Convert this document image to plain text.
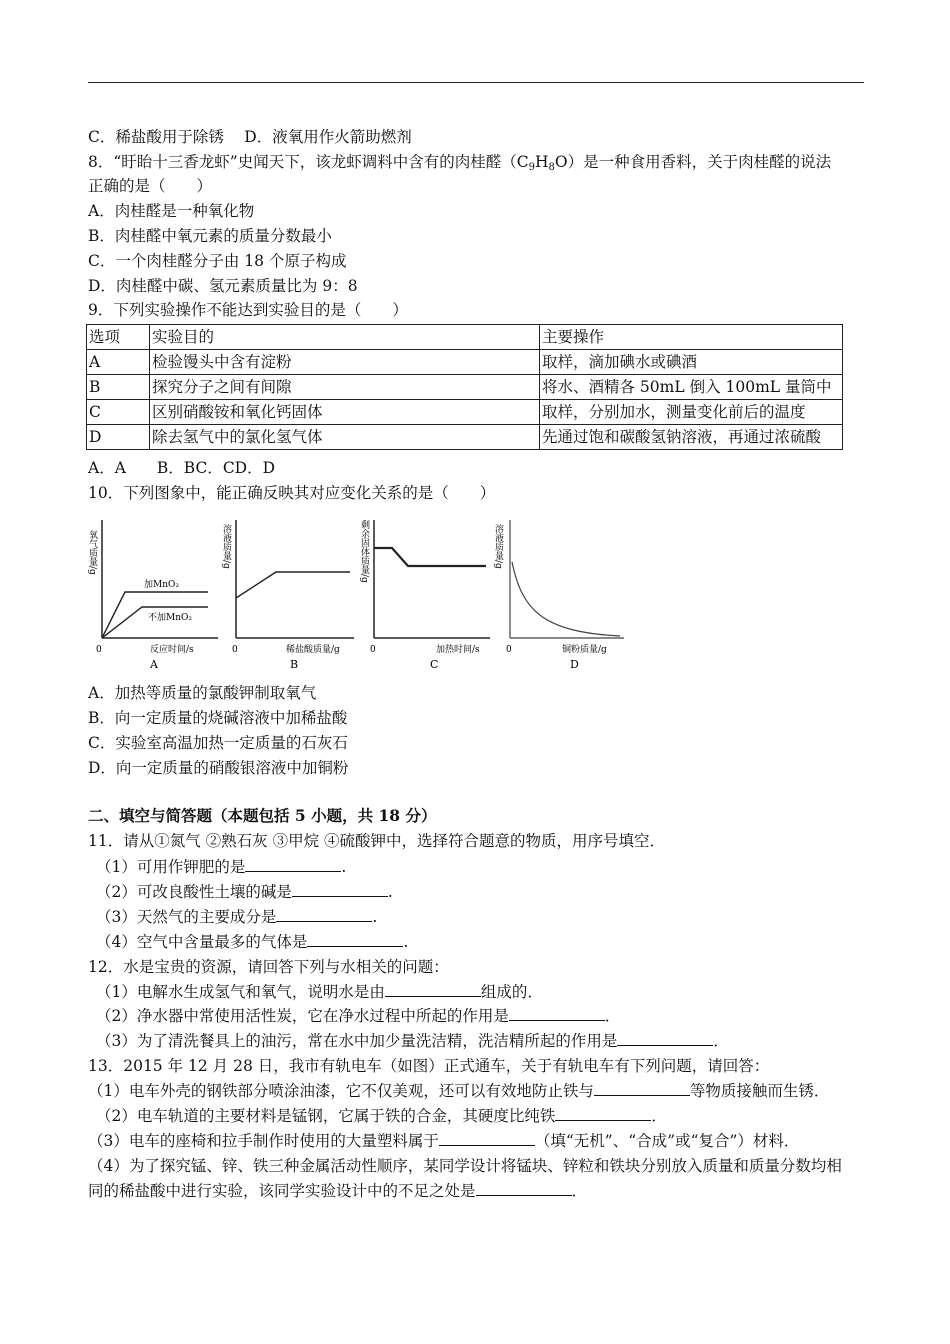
C．稀盐酸用于除锈　 D．液氧用作火箭助燃剂
8．“盱眙十三香龙虾”史闻天下，该龙虾调料中含有的肉桂醛$(C_9H_8O)$是一种食用香料，关于肉桂醛的说法
正确的是（　　）
A．肉桂醛是一种氧化物
B．肉桂醛中氧元素的质量分数最小
C．一个肉桂醛分子由 18 个原子构成
D．肉桂醛中碳、氢元素质量比为 9：8
9．下列实验操作不能达到实验目的是（　　）
选项	实验目的	主要操作
A	检验馒头中含有淀粉	取样，滴加碘水或碘酒
B	探究分子之间有间隙	将水、酒精各 50mL 倒入 100mL 量筒中
C	区别硝酸铵和氧化钙固体	取样，分别加水，测量变化前后的温度
D	除去氢气中的氯化氢气体	先通过饱和碳酸氢钠溶液，再通过浓硫酸
A．A　　B．BC．CD．D
10．下列图象中，能正确反映其对应变化关系的是（　　）
氧气质量/g
加MnO₂
不加MnO₂
0	反应时间/s
A
溶液质量/g
0	稀盐酸质量/g
B
剩余固体质量/g
0	加热时间/s
C
溶液质量/g
0	铜粉质量/g
D
A．加热等质量的氯酸钾制取氧气
B．向一定质量的烧碱溶液中加稀盐酸
C．实验室高温加热一定质量的石灰石
D．向一定质量的硝酸银溶液中加铜粉
二、填空与简答题（本题包括 5 小题，共 18 分）
11．请从①氮气 ②熟石灰 ③甲烷 ④硫酸钾中，选择符合题意的物质，用序号填空．
（1）可用作钾肥的是	.
（2）可改良酸性土壤的碱是	.
（3）天然气的主要成分是	.
（4）空气中含量最多的气体是	.
12．水是宝贵的资源，请回答下列与水相关的问题：
（1）电解水生成氢气和氧气，说明水是由	组成的．
（2）净水器中常使用活性炭，它在净水过程中所起的作用是	．
（3）为了清洗餐具上的油污，常在水中加少量洗洁精，洗洁精所起的作用是	．
13．2015 年 12 月 28 日，我市有轨电车（如图）正式通车，关于有轨电车有下列问题，请回答：
（1）电车外壳的钢铁部分喷涂油漆，它不仅美观，还可以有效地防止铁与	等物质接触而生锈．
（2）电车轨道的主要材料是锰钢，它属于铁的合金，其硬度比纯铁	．
（3）电车的座椅和拉手制作时使用的大量塑料属于	（填“无机”、“合成”或“复合”）材料．
（4）为了探究锰、锌、铁三种金属活动性顺序，某同学设计将锰块、锌粒和铁块分别放入质量和质量分数均相
同的稀盐酸中进行实验，该同学实验设计中的不足之处是	．
